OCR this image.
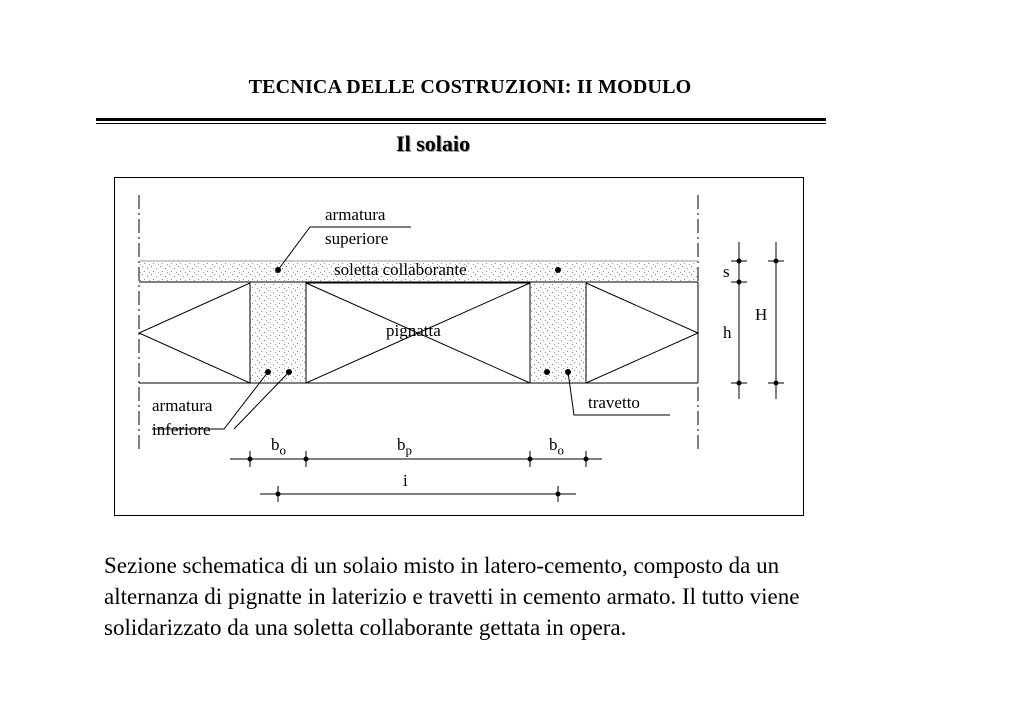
TECNICA DELLE COSTRUZIONI: II MODULO
Il solaio
armatura
superiore
soletta collaborante
pignatta
armatura
inferiore
travetto
s
h
H
$b_o$	$b_p$	$b_o$
i

Sezione schematica di un solaio misto in latero-cemento, composto da un

alternanza di pignatte in laterizio e travetti in cemento armato. Il tutto viene

solidarizzato da una soletta collaborante gettata in opera.
